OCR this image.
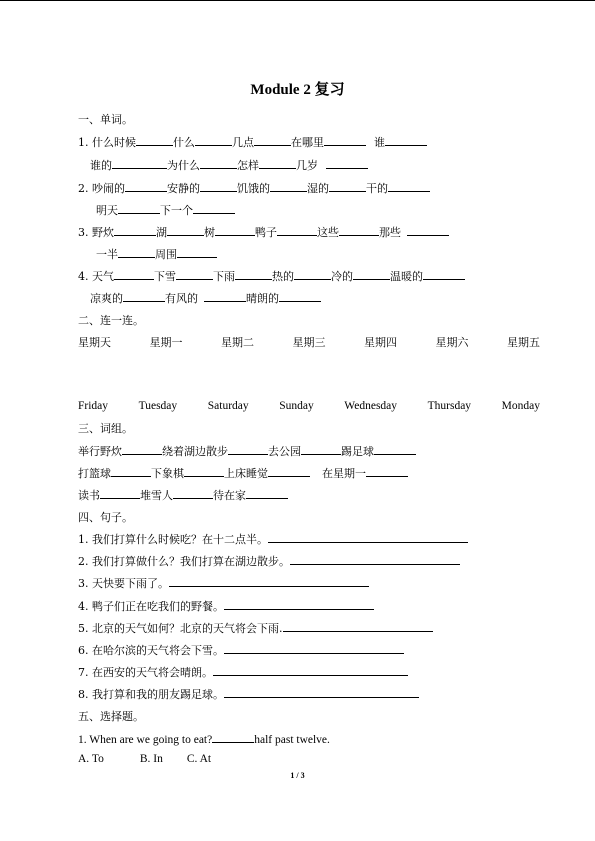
Module 2 复习
一、单词。
1. 什么时候	什么	几点	在哪里	谁
谁的	为什么	怎样	几岁
2. 吵闹的	安静的	饥饿的	湿的	干的
明天	下一个
3. 野炊	湖	树	鸭子	这些	那些
一半	周围
4. 天气	下雪	下雨	热的	冷的	温暖的
凉爽的	有风的	晴朗的
二、连一连。
星期天	星期一	星期二	星期三	星期四	星期六	星期五
Friday	Tuesday	Saturday	Sunday	Wednesday	Thursday	Monday
三、词组。
举行野炊	绕着湖边散步	去公园	踢足球
打篮球	下象棋	上床睡觉	在星期一
读书	堆雪人	待在家
四、句子。
1. 我们打算什么时候吃？在十二点半。
2. 我们打算做什么？我们打算在湖边散步。
3. 天快要下雨了。
4. 鸭子们正在吃我们的野餐。
5. 北京的天气如何？北京的天气将会下雨.
6. 在哈尔滨的天气将会下雪。
7. 在西安的天气将会晴朗。
8. 我打算和我的朋友踢足球。
五、选择题。
1. When are we going to eat?	half past twelve.
A. To	B. In C. At
1 / 3
